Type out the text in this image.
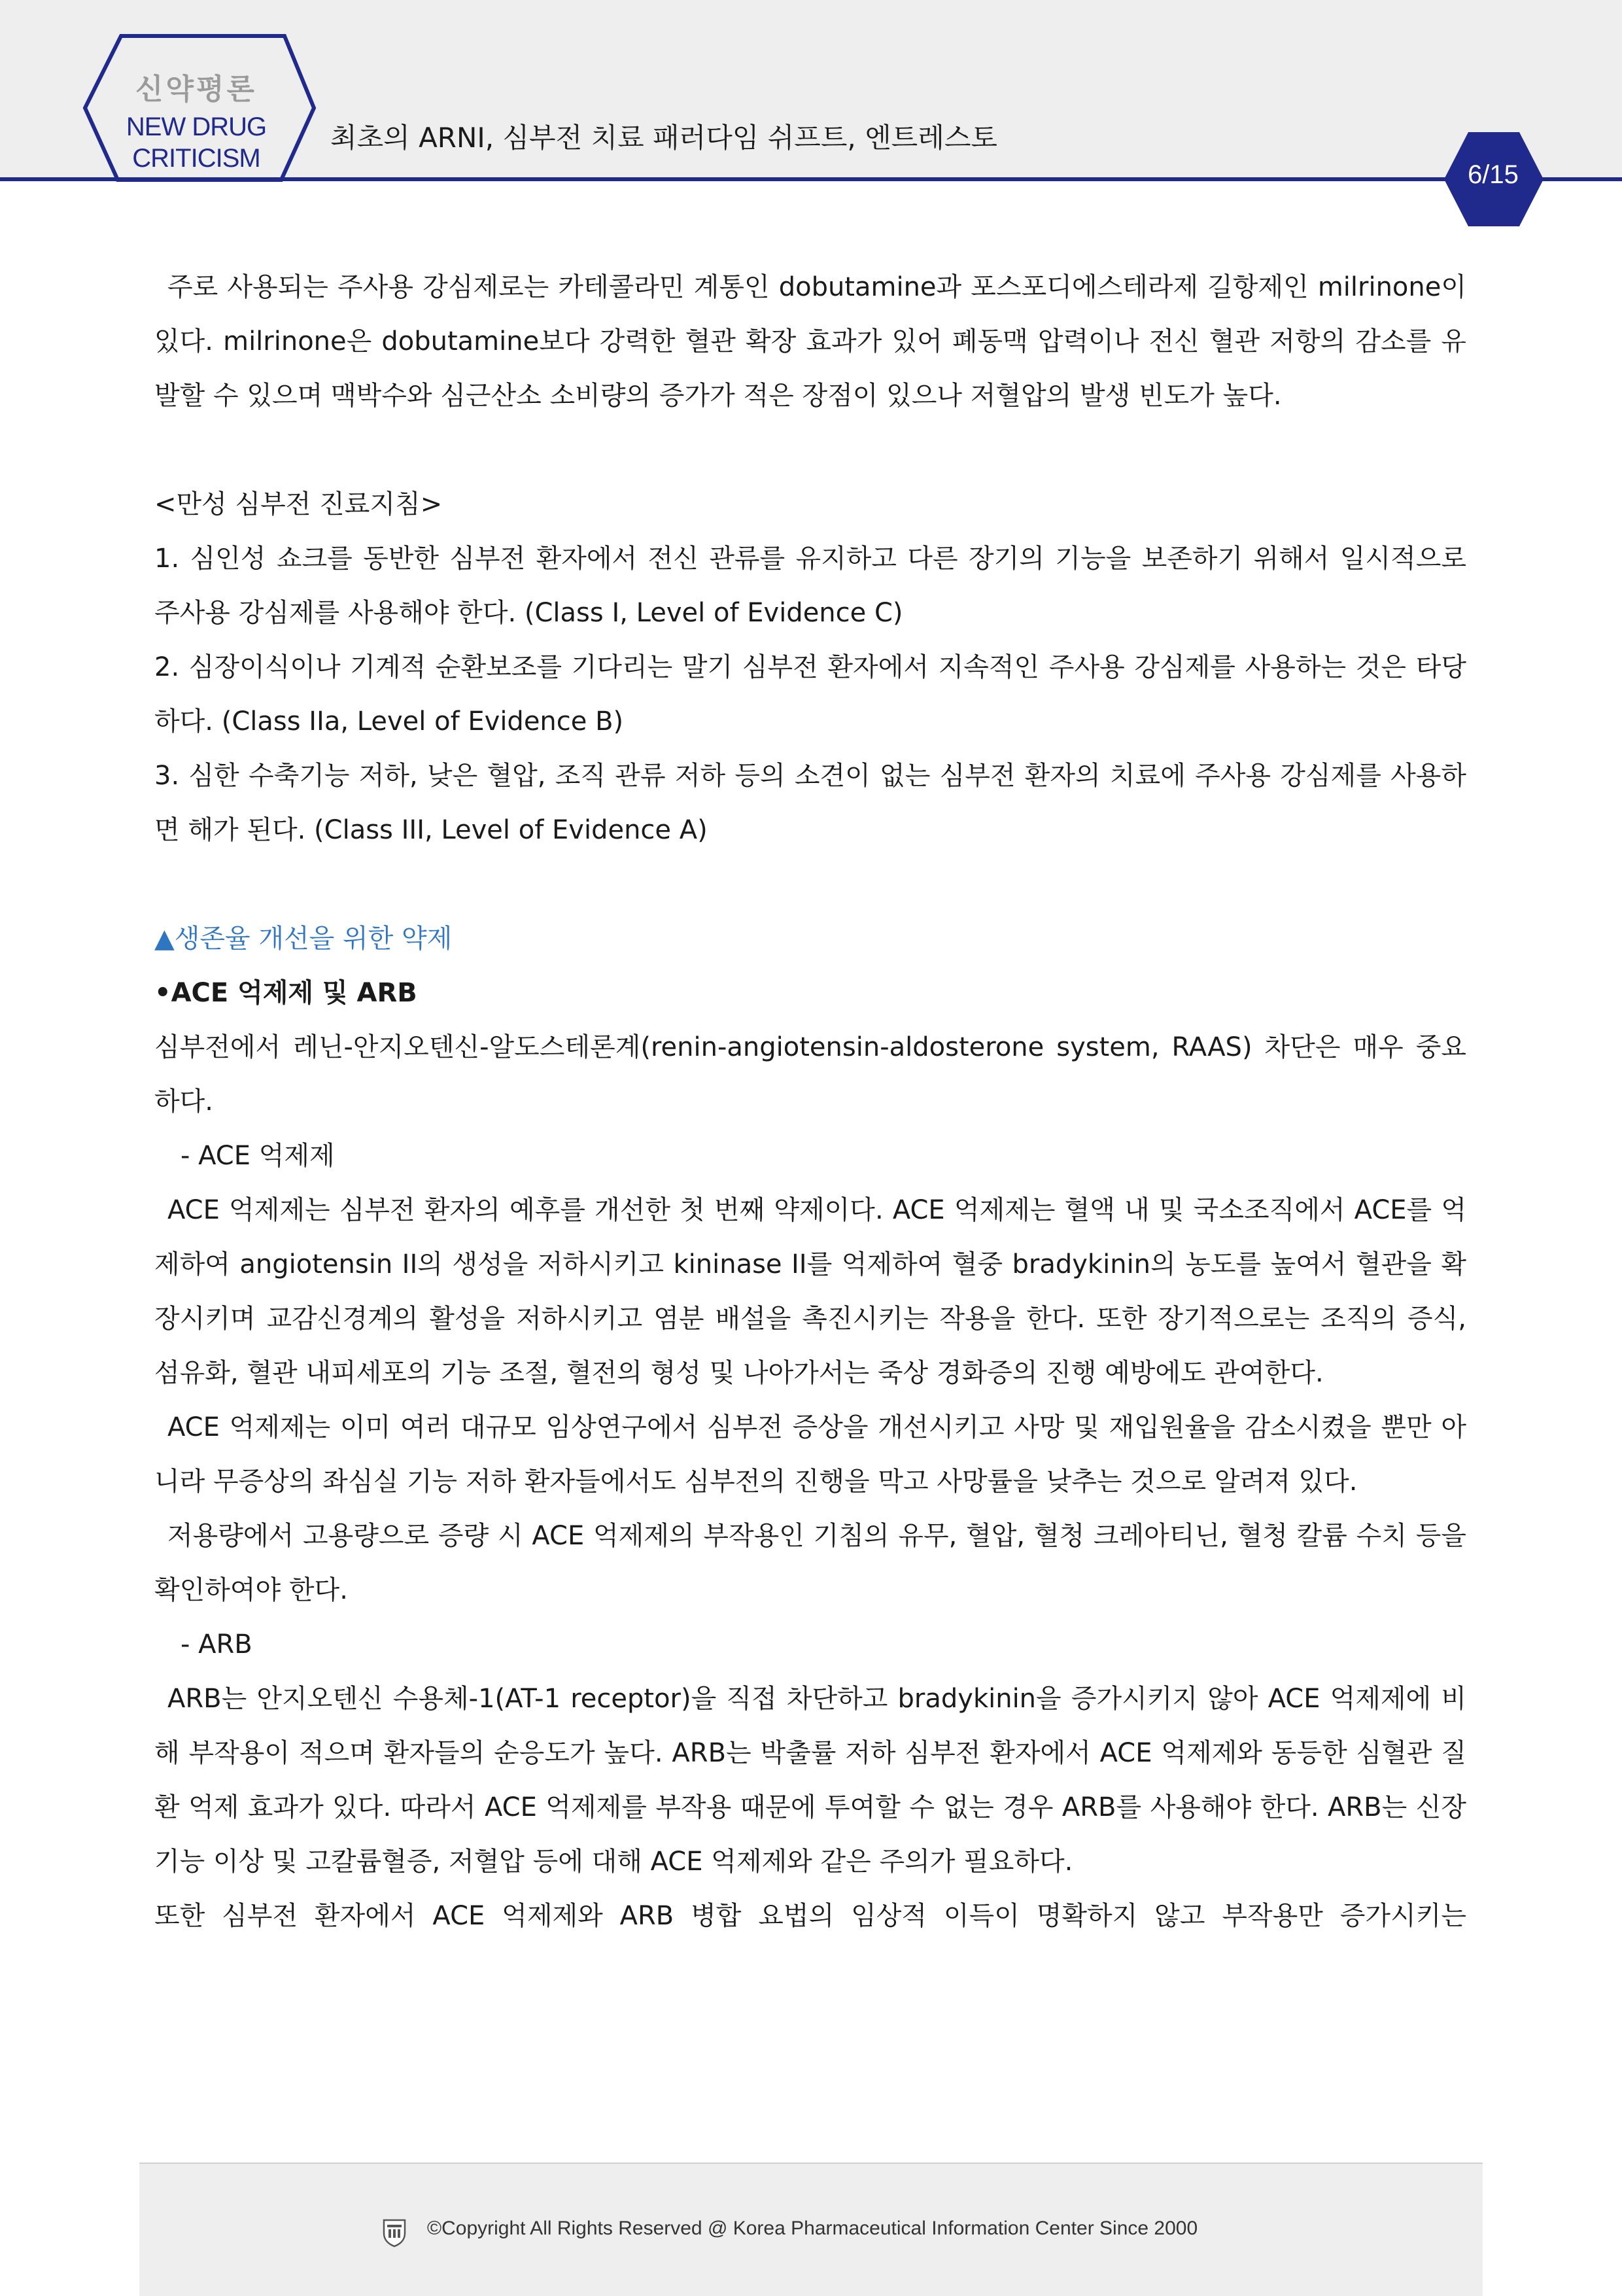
신약평론
NEW DRUG
CRITICISM
최초의 ARNI, 심부전 치료 패러다임 쉬프트, 엔트레스토
6/15

주로 사용되는 주사용 강심제로는 카테콜라민 계통인 dobutamine과 포스포디에스테라제 길항제인 milrinone이 있다. milrinone은 dobutamine보다 강력한 혈관 확장 효과가 있어 폐동맥 압력이나 전신 혈관 저항의 감소를 유발할 수 있으며 맥박수와 심근산소 소비량의 증가가 적은 장점이 있으나 저혈압의 발생 빈도가 높다.

<만성 심부전 진료지침>

1. 심인성 쇼크를 동반한 심부전 환자에서 전신 관류를 유지하고 다른 장기의 기능을 보존하기 위해서 일시적으로 주사용 강심제를 사용해야 한다. (Class I, Level of Evidence C)

2. 심장이식이나 기계적 순환보조를 기다리는 말기 심부전 환자에서 지속적인 주사용 강심제를 사용하는 것은 타당하다. (Class IIa, Level of Evidence B)

3. 심한 수축기능 저하, 낮은 혈압, 조직 관류 저하 등의 소견이 없는 심부전 환자의 치료에 주사용 강심제를 사용하면 해가 된다. (Class III, Level of Evidence A)

▲생존율 개선을 위한 약제

•ACE 억제제 및 ARB

심부전에서 레닌-안지오텐신-알도스테론계(renin-angiotensin-aldosterone system, RAAS) 차단은 매우 중요하다.

- ACE 억제제

ACE 억제제는 심부전 환자의 예후를 개선한 첫 번째 약제이다. ACE 억제제는 혈액 내 및 국소조직에서 ACE를 억제하여 angiotensin II의 생성을 저하시키고 kininase II를 억제하여 혈중 bradykinin의 농도를 높여서 혈관을 확장시키며 교감신경계의 활성을 저하시키고 염분 배설을 촉진시키는 작용을 한다. 또한 장기적으로는 조직의 증식, 섬유화, 혈관 내피세포의 기능 조절, 혈전의 형성 및 나아가서는 죽상 경화증의 진행 예방에도 관여한다.

ACE 억제제는 이미 여러 대규모 임상연구에서 심부전 증상을 개선시키고 사망 및 재입원율을 감소시켰을 뿐만 아니라 무증상의 좌심실 기능 저하 환자들에서도 심부전의 진행을 막고 사망률을 낮추는 것으로 알려져 있다.

저용량에서 고용량으로 증량 시 ACE 억제제의 부작용인 기침의 유무, 혈압, 혈청 크레아티닌, 혈청 칼륨 수치 등을 확인하여야 한다.

- ARB

ARB는 안지오텐신 수용체-1(AT-1 receptor)을 직접 차단하고 bradykinin을 증가시키지 않아 ACE 억제제에 비해 부작용이 적으며 환자들의 순응도가 높다. ARB는 박출률 저하 심부전 환자에서 ACE 억제제와 동등한 심혈관 질환 억제 효과가 있다. 따라서 ACE 억제제를 부작용 때문에 투여할 수 없는 경우 ARB를 사용해야 한다. ARB는 신장 기능 이상 및 고칼륨혈증, 저혈압 등에 대해 ACE 억제제와 같은 주의가 필요하다.

또한 심부전 환자에서 ACE 억제제와 ARB 병합 요법의 임상적 이득이 명확하지 않고 부작용만 증가시키는

©Copyright All Rights Reserved @ Korea Pharmaceutical Information Center Since 2000
